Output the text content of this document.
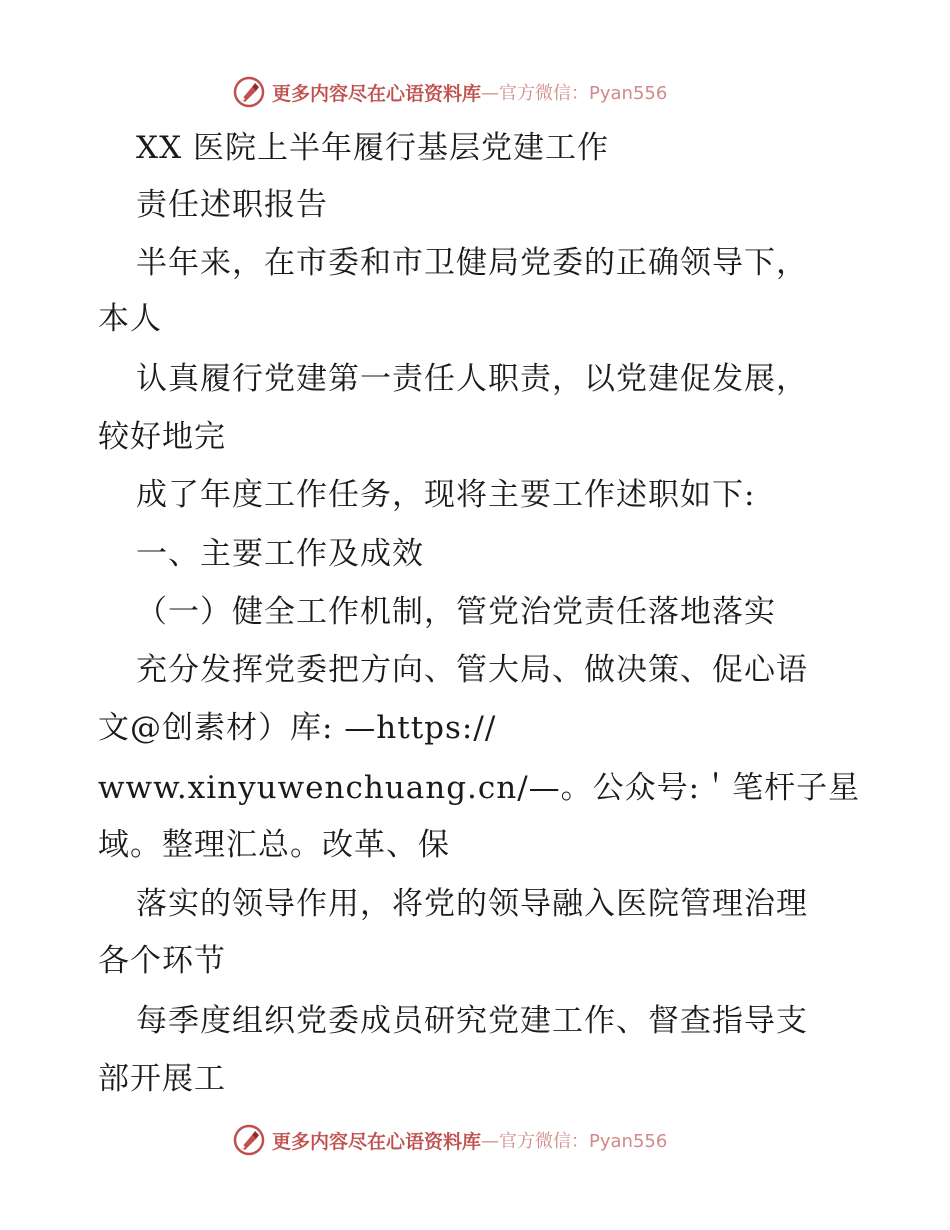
更多内容尽在心语资料库 —官方微信：Pyan556
XX 医院上半年履行基层党建工作
责任述职报告
半年来，在市委和市卫健局党委的正确领导下，
本人
认真履行党建第一责任人职责，以党建促发展，
较好地完
成了年度工作任务，现将主要工作述职如下:
一、主要工作及成效
（一）健全工作机制，管党治党责任落地落实
充分发挥党委把方向、管大局、做决策、促心语
文@创素材）库: —https://
www.xinyuwenchuang.cn/—。公众号:＇笔杆子星
域。整理汇总。改革、保
落实的领导作用，将党的领导融入医院管理治理
各个环节
每季度组织党委成员研究党建工作、督查指导支
部开展工
更多内容尽在心语资料库 —官方微信：Pyan556
